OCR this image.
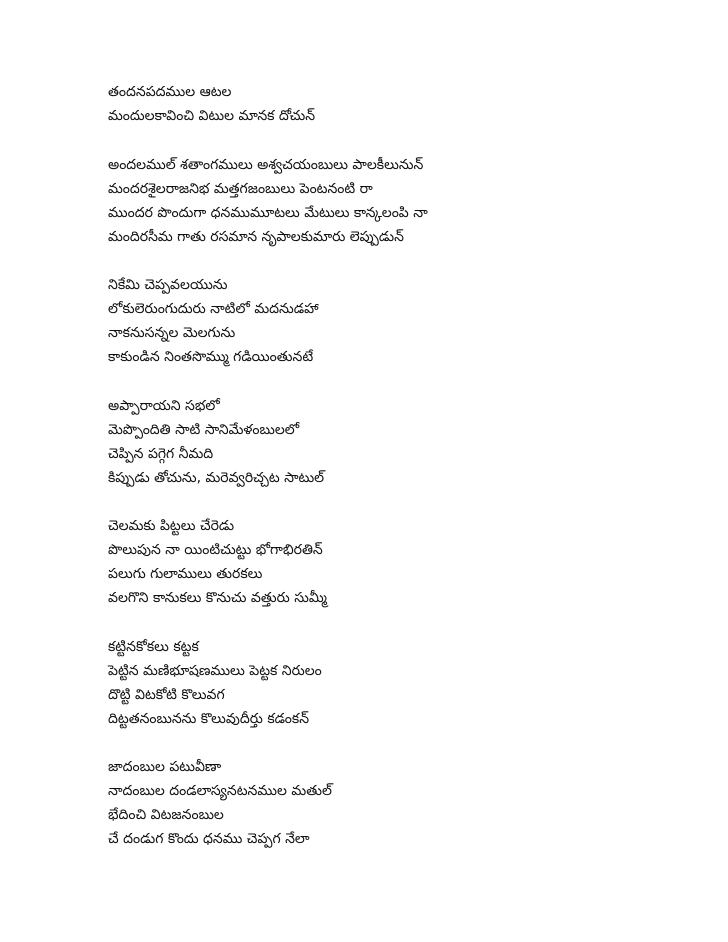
తందనపదముల ఆటల
మందులకావించి విటుల మానక దోచున్
అందలముల్ శతాంగములు అశ్వచయంబులు పాలకీలునున్
మందరశైలరాజనిభ మత్తగజంబులు పెంటనంటి రా
ముందర పొందుగా ధనముమూటలు మేటులు కాన్కలంపి నా
మందిరసీమ గాతు రసమాన నృపాలకుమారు లెప్పుడున్
నికేమి చెప్పవలయును
లోకులెరుంగుదురు నాటిలో మదనుడహా
నాకనుసన్నల మెలగును
కాకుండిన నింతసొమ్ము గడియింతునటే
అప్పారాయని సభలో
మెప్పొందితి సాటి సానిమేళంబులలో
చెప్పిన పగ్గెగ నీమది
కిప్పుడు తోచును, మరెవ్వరిచ్చట సాటుల్
చెలమకు పిట్టలు చేరెడు
పొలుపున నా యింటిచుట్టు భోగాభిరతిన్
పలుగు గులాములు తురకలు
వలగొని కానుకలు కొనుచు వత్తురు సుమ్మీ
కట్టినకోకలు కట్టక
పెట్టిన మణిభూషణములు పెట్టక నిరులం
దొట్టి విటకోటి కొలువగ
దిట్టతనంబునను కొలువుదీర్తు కడంకన్
జాదంబుల పటువీణా
నాదంబుల దండలాస్యనటనముల మతుల్
భేదించి విటజనంబుల
చే దండుగ కొందు ధనము చెప్పగ నేలా
